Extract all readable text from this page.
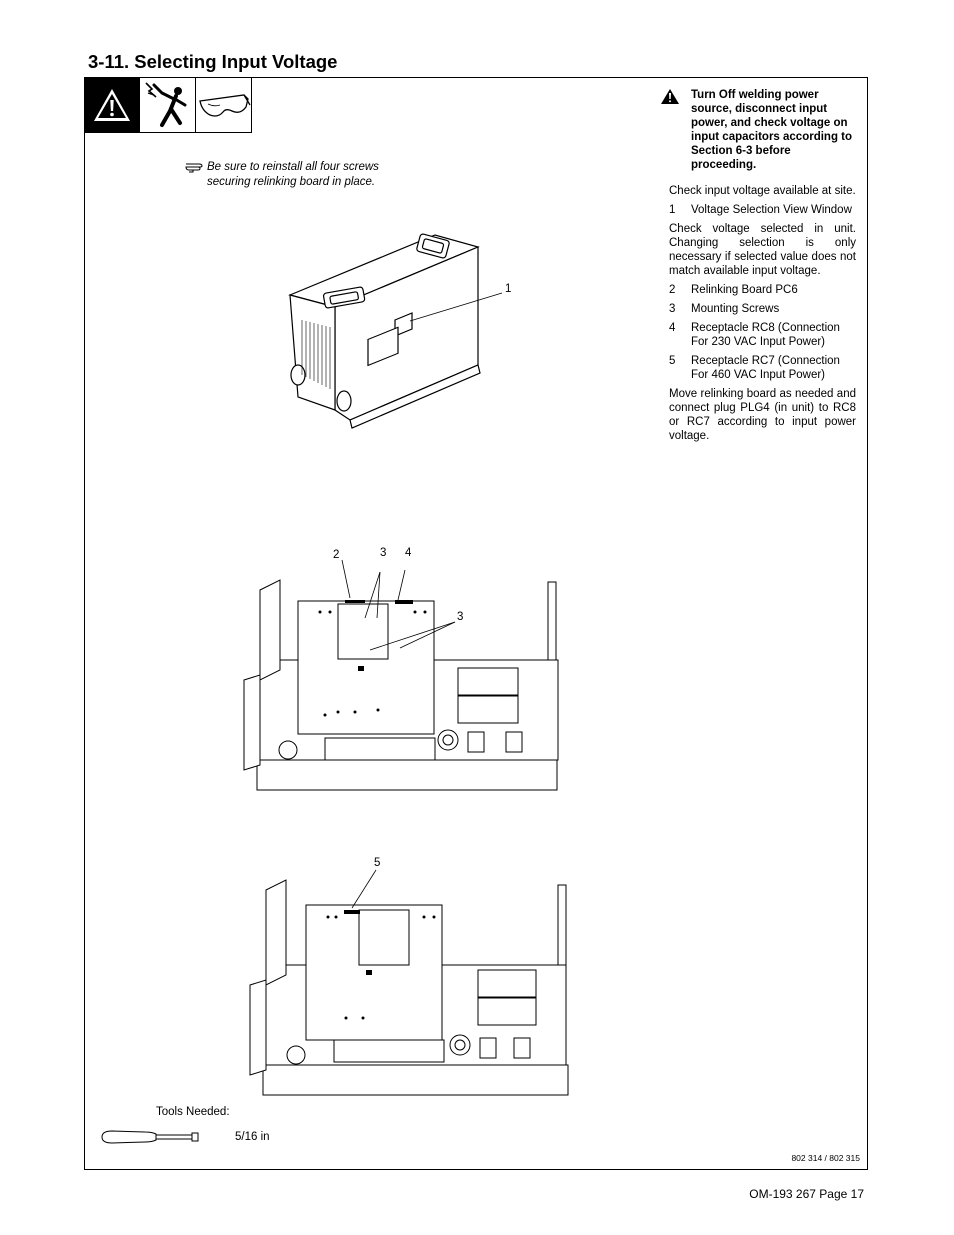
3-11. Selecting Input Voltage
Be sure to reinstall all four screws securing relinking board in place.
Turn Off welding power source, disconnect input power, and check voltage on input capacitors according to Section 6-3 before proceeding.

Check input voltage available at site.

1	Voltage Selection View Window

Check voltage selected in unit. Changing selection is only necessary if selected value does not match available input voltage.

2	Relinking Board PC6
3	Mounting Screws
4	Receptacle RC8 (Connection For 230 VAC Input Power)
5	Receptacle RC7 (Connection For 460 VAC Input Power)

Move relinking board as needed and connect plug PLG4 (in unit) to RC8 or RC7 according to input power voltage.

1
2	3 4
3
5
Tools Needed:
5/16 in
802 314 / 802 315
OM-193 267 Page 17
